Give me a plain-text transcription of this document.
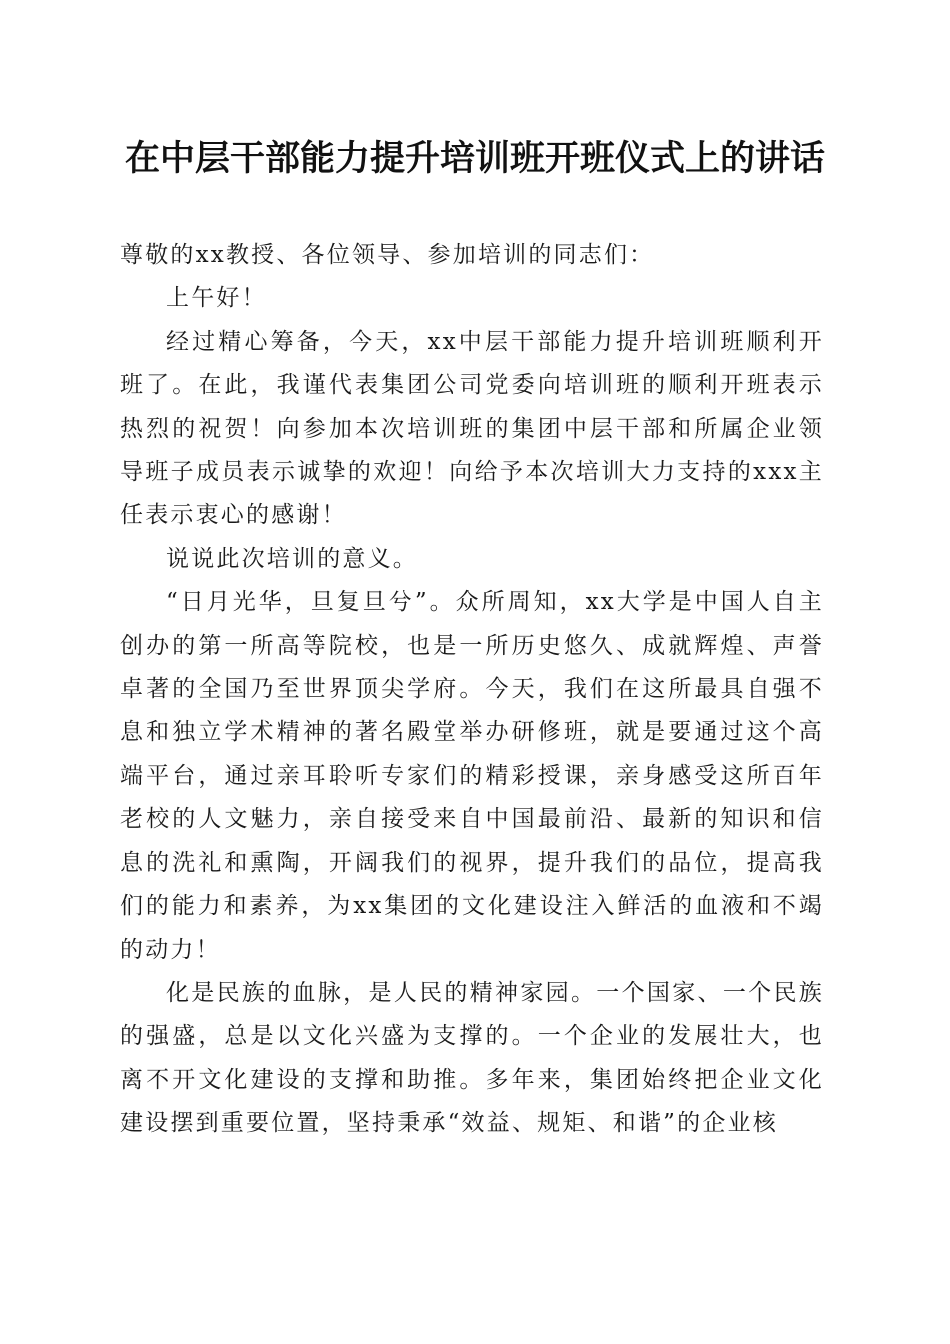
在中层干部能力提升培训班开班仪式上的讲话

尊敬的xx教授、各位领导、参加培训的同志们：

上午好！

经过精心筹备，今天，xx中层干部能力提升培训班顺利开班了。在此，我谨代表集团公司党委向培训班的顺利开班表示热烈的祝贺！向参加本次培训班的集团中层干部和所属企业领导班子成员表示诚挚的欢迎！向给予本次培训大力支持的xxx主任表示衷心的感谢！

说说此次培训的意义。

“日月光华，旦复旦兮”。众所周知，xx大学是中国人自主创办的第一所高等院校，也是一所历史悠久、成就辉煌、声誉卓著的全国乃至世界顶尖学府。今天，我们在这所最具自强不息和独立学术精神的著名殿堂举办研修班，就是要通过这个高端平台，通过亲耳聆听专家们的精彩授课，亲身感受这所百年老校的人文魅力，亲自接受来自中国最前沿、最新的知识和信息的洗礼和熏陶，开阔我们的视界，提升我们的品位，提高我们的能力和素养，为xx集团的文化建设注入鲜活的血液和不竭的动力！

化是民族的血脉，是人民的精神家园。一个国家、一个民族的强盛，总是以文化兴盛为支撑的。一个企业的发展壮大，也离不开文化建设的支撑和助推。多年来，集团始终把企业文化建设摆到重要位置，坚持秉承“效益、规矩、和谐”的企业核
